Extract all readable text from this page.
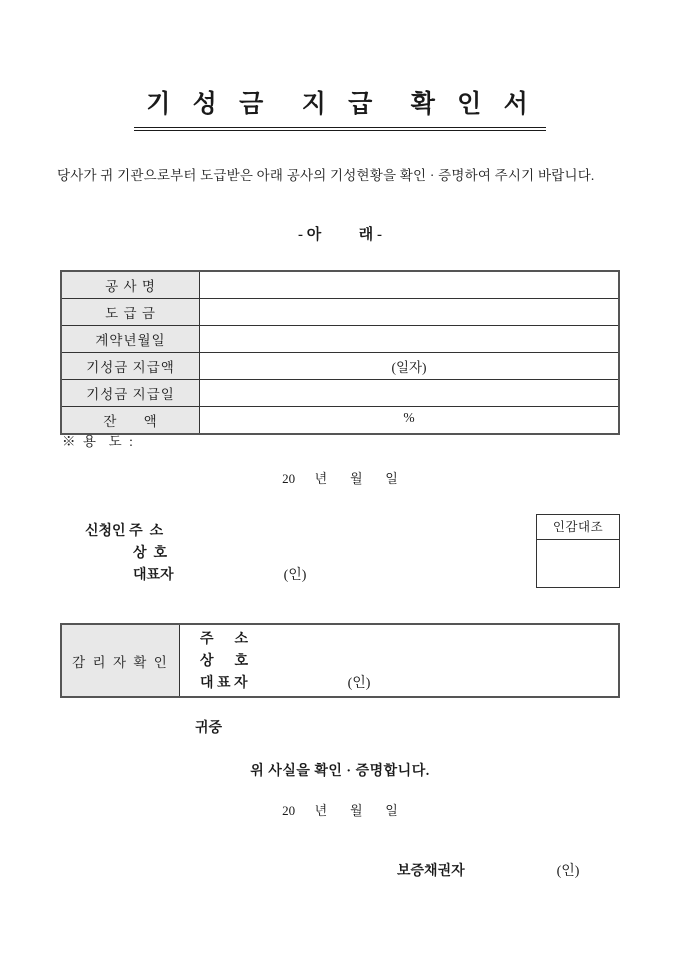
기 성 금  지 급  확 인 서
당사가 귀 기관으로부터 도급받은 아래 공사의 기성현황을 확인 · 증명하여 주시기 바랍니다.
- 아          래 -
공 사 명
도 급 금
계약년월일
기성금 지급액	(일자)
기성금 지급일
잔      액	%
※ 용  도 :
20      년       월       일
신청인 주  소
상  호
대표자	(인)
인감대조
감 리 자 확 인
주      소
상      호
대 표 자	(인)
귀중
위 사실을 확인 · 증명합니다.
20      년       월       일
보증채권자	(인)
